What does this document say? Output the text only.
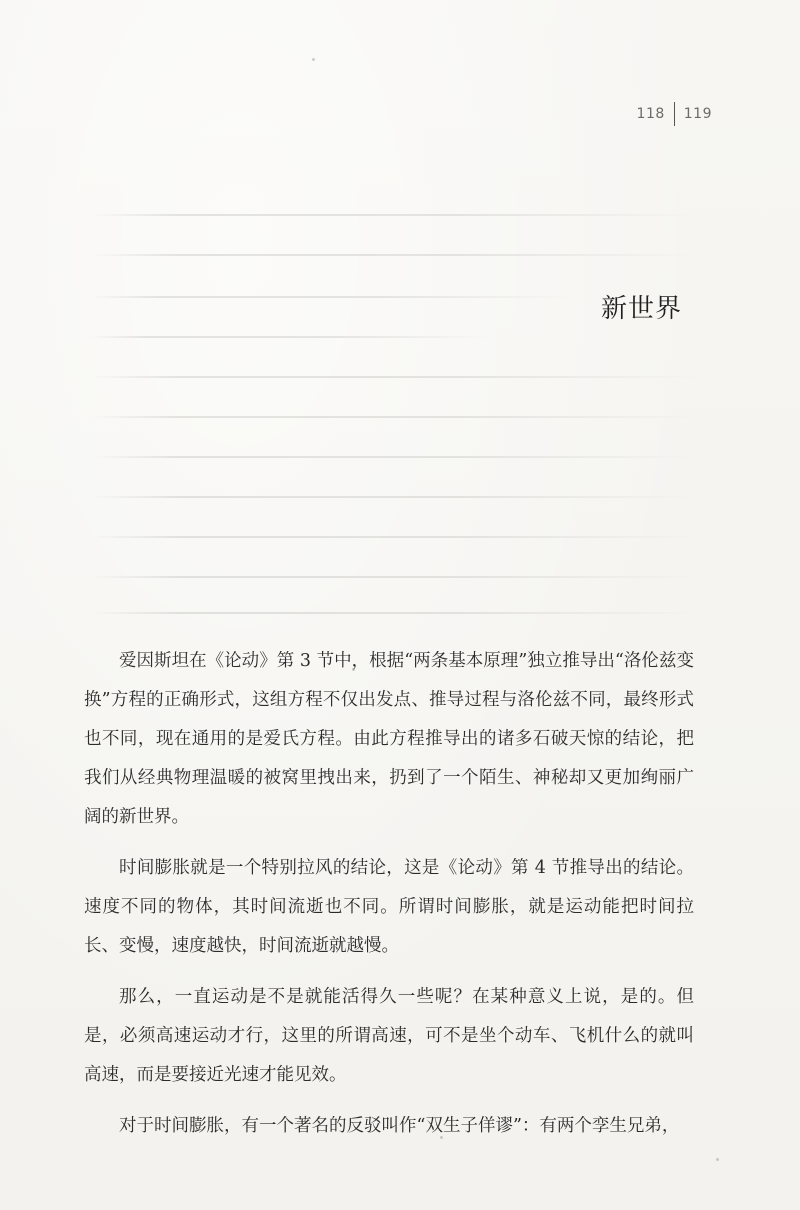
118 119
新世界

爱因斯坦在《论动》第 3 节中，根据“两条基本原理”独立推导出“洛伦兹变换”方程的正确形式，这组方程不仅出发点、推导过程与洛伦兹不同，最终形式也不同，现在通用的是爱氏方程。由此方程推导出的诸多石破天惊的结论，把我们从经典物理温暖的被窝里拽出来，扔到了一个陌生、神秘却又更加绚丽广阔的新世界。

时间膨胀就是一个特别拉风的结论，这是《论动》第 4 节推导出的结论。速度不同的物体，其时间流逝也不同。所谓时间膨胀，就是运动能把时间拉长、变慢，速度越快，时间流逝就越慢。

那么，一直运动是不是就能活得久一些呢？在某种意义上说，是的。但是，必须高速运动才行，这里的所谓高速，可不是坐个动车、飞机什么的就叫高速，而是要接近光速才能见效。

对于时间膨胀，有一个著名的反驳叫作“双生子佯谬”：有两个孪生兄弟，
